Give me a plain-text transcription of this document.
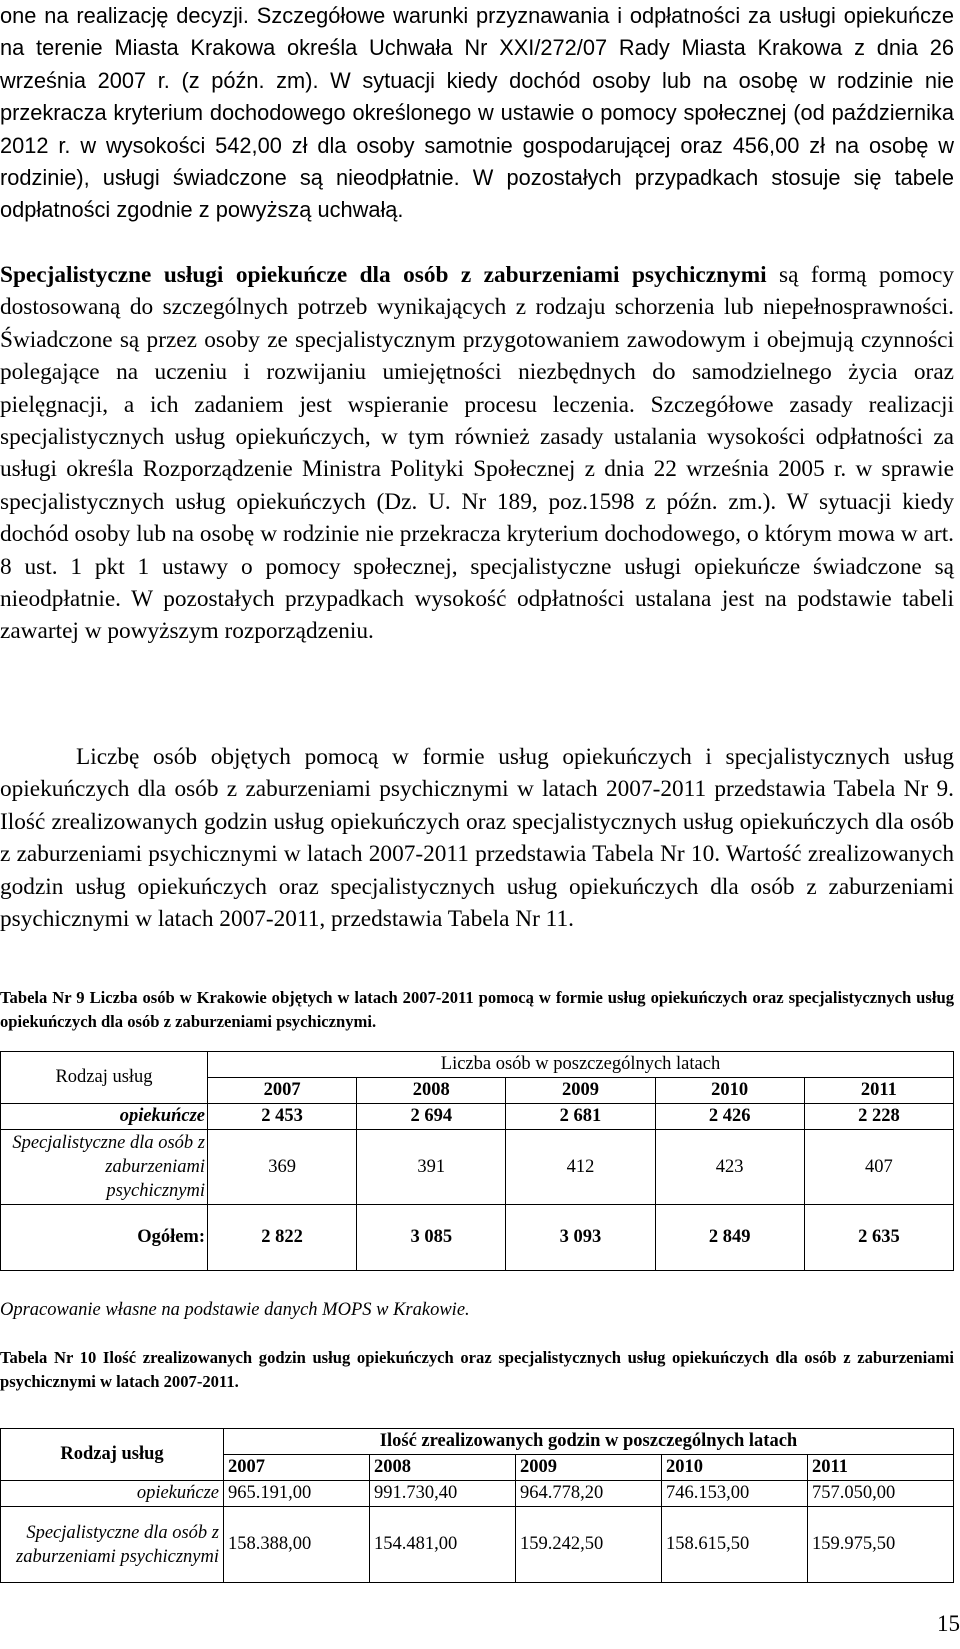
one na realizację decyzji. Szczegółowe warunki przyznawania i odpłatności za usługi opiekuńcze na terenie Miasta Krakowa określa Uchwała Nr XXI/272/07 Rady Miasta Krakowa z dnia 26 września 2007 r. (z późn. zm). W sytuacji kiedy dochód osoby lub na osobę w rodzinie nie przekracza kryterium dochodowego określonego w ustawie o pomocy społecznej (od października 2012 r. w wysokości 542,00 zł dla osoby samotnie gospodarującej oraz 456,00 zł na osobę w rodzinie), usługi świadczone są nieodpłatnie. W pozostałych przypadkach stosuje się tabele odpłatności zgodnie z powyższą uchwałą.

Specjalistyczne usługi opiekuńcze dla osób z zaburzeniami psychicznymi są formą pomocy dostosowaną do szczególnych potrzeb wynikających z rodzaju schorzenia lub niepełnosprawności. Świadczone są przez osoby ze specjalistycznym przygotowaniem zawodowym i obejmują czynności polegające na uczeniu i rozwijaniu umiejętności niezbędnych do samodzielnego życia oraz pielęgnacji, a ich zadaniem jest wspieranie procesu leczenia. Szczegółowe zasady realizacji specjalistycznych usług opiekuńczych, w tym również zasady ustalania wysokości odpłatności za usługi określa Rozporządzenie Ministra Polityki Społecznej z dnia 22 września 2005 r. w sprawie specjalistycznych usług opiekuńczych (Dz. U. Nr 189, poz.1598 z późn. zm.). W sytuacji kiedy dochód osoby lub na osobę w rodzinie nie przekracza kryterium dochodowego, o którym mowa w art. 8 ust. 1 pkt 1 ustawy o pomocy społecznej, specjalistyczne usługi opiekuńcze świadczone są nieodpłatnie. W pozostałych przypadkach wysokość odpłatności ustalana jest na podstawie tabeli zawartej w powyższym rozporządzeniu.

Liczbę osób objętych pomocą w formie usług opiekuńczych i specjalistycznych usług opiekuńczych dla osób z zaburzeniami psychicznymi w latach 2007-2011 przedstawia Tabela Nr 9. Ilość zrealizowanych godzin usług opiekuńczych oraz specjalistycznych usług opiekuńczych dla osób z zaburzeniami psychicznymi w latach 2007-2011 przedstawia Tabela Nr 10. Wartość zrealizowanych godzin usług opiekuńczych oraz specjalistycznych usług opiekuńczych dla osób z zaburzeniami psychicznymi w latach 2007-2011, przedstawia Tabela Nr 11.

Tabela Nr 9 Liczba osób w Krakowie objętych w latach 2007-2011 pomocą w formie usług opiekuńczych oraz specjalistycznych usług opiekuńczych dla osób z zaburzeniami psychicznymi.

Rodzaj usług	Liczba osób w poszczególnych latach				
	2007	2008	2009	2010	2011
opiekuńcze	2 453	2 694	2 681	2 426	2 228
Specjalistyczne dla osób z zaburzeniami psychicznymi	369	391	412	423	407
Ogółem:	2 822	3 085	3 093	2 849	2 635

Opracowanie własne na podstawie danych MOPS w Krakowie.

Tabela Nr 10 Ilość zrealizowanych godzin usług opiekuńczych oraz specjalistycznych usług opiekuńczych dla osób z zaburzeniami psychicznymi w latach 2007-2011.

Rodzaj usług	Ilość zrealizowanych godzin w poszczególnych latach				
	2007	2008	2009	2010	2011
opiekuńcze	965.191,00	991.730,40	964.778,20	746.153,00	757.050,00
Specjalistyczne dla osób z zaburzeniami psychicznymi	158.388,00	154.481,00	159.242,50	158.615,50	159.975,50

15
